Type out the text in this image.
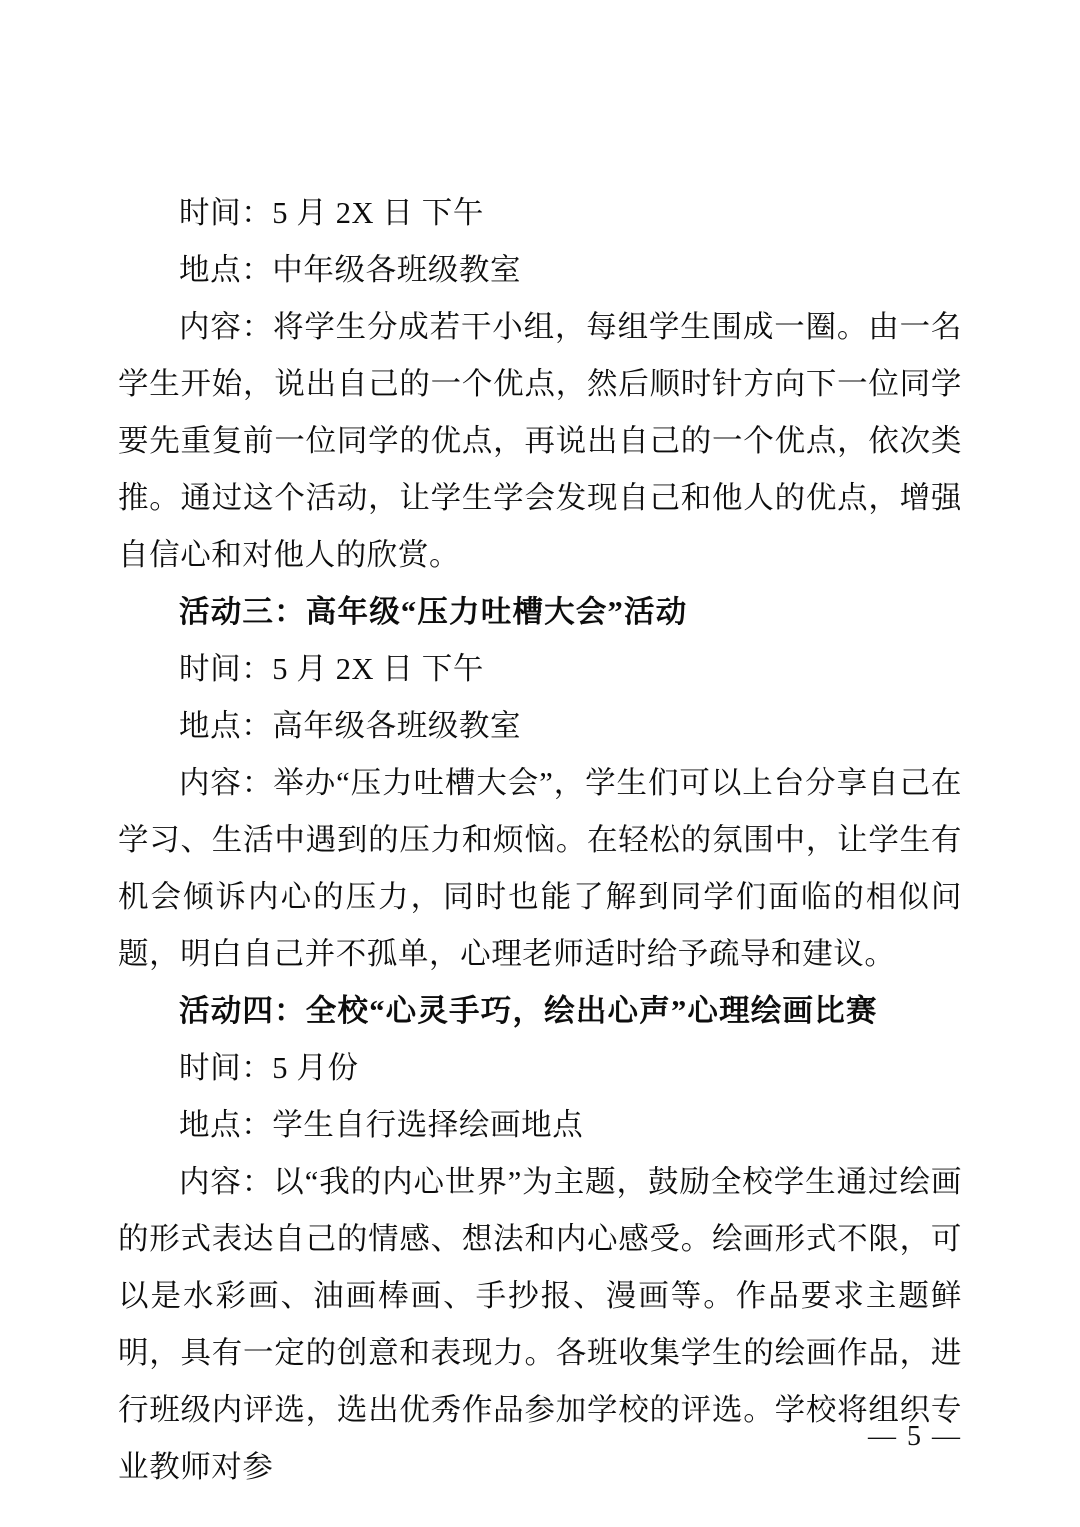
时间：5 月 2X 日 下午

地点：中年级各班级教室

内容：将学生分成若干小组，每组学生围成一圈。由一名学生开始，说出自己的一个优点，然后顺时针方向下一位同学要先重复前一位同学的优点，再说出自己的一个优点，依次类推。通过这个活动，让学生学会发现自己和他人的优点，增强自信心和对他人的欣赏。

活动三：高年级“压力吐槽大会”活动

时间：5 月 2X 日 下午

地点：高年级各班级教室

内容：举办“压力吐槽大会”，学生们可以上台分享自己在学习、生活中遇到的压力和烦恼。在轻松的氛围中，让学生有机会倾诉内心的压力，同时也能了解到同学们面临的相似问题，明白自己并不孤单，心理老师适时给予疏导和建议。

活动四：全校“心灵手巧，绘出心声”心理绘画比赛

时间：5 月份

地点：学生自行选择绘画地点

内容：以“我的内心世界”为主题，鼓励全校学生通过绘画的形式表达自己的情感、想法和内心感受。绘画形式不限，可以是水彩画、油画棒画、手抄报、漫画等。作品要求主题鲜明，具有一定的创意和表现力。各班收集学生的绘画作品，进行班级内评选，选出优秀作品参加学校的评选。学校将组织专业教师对参

— 5 —
